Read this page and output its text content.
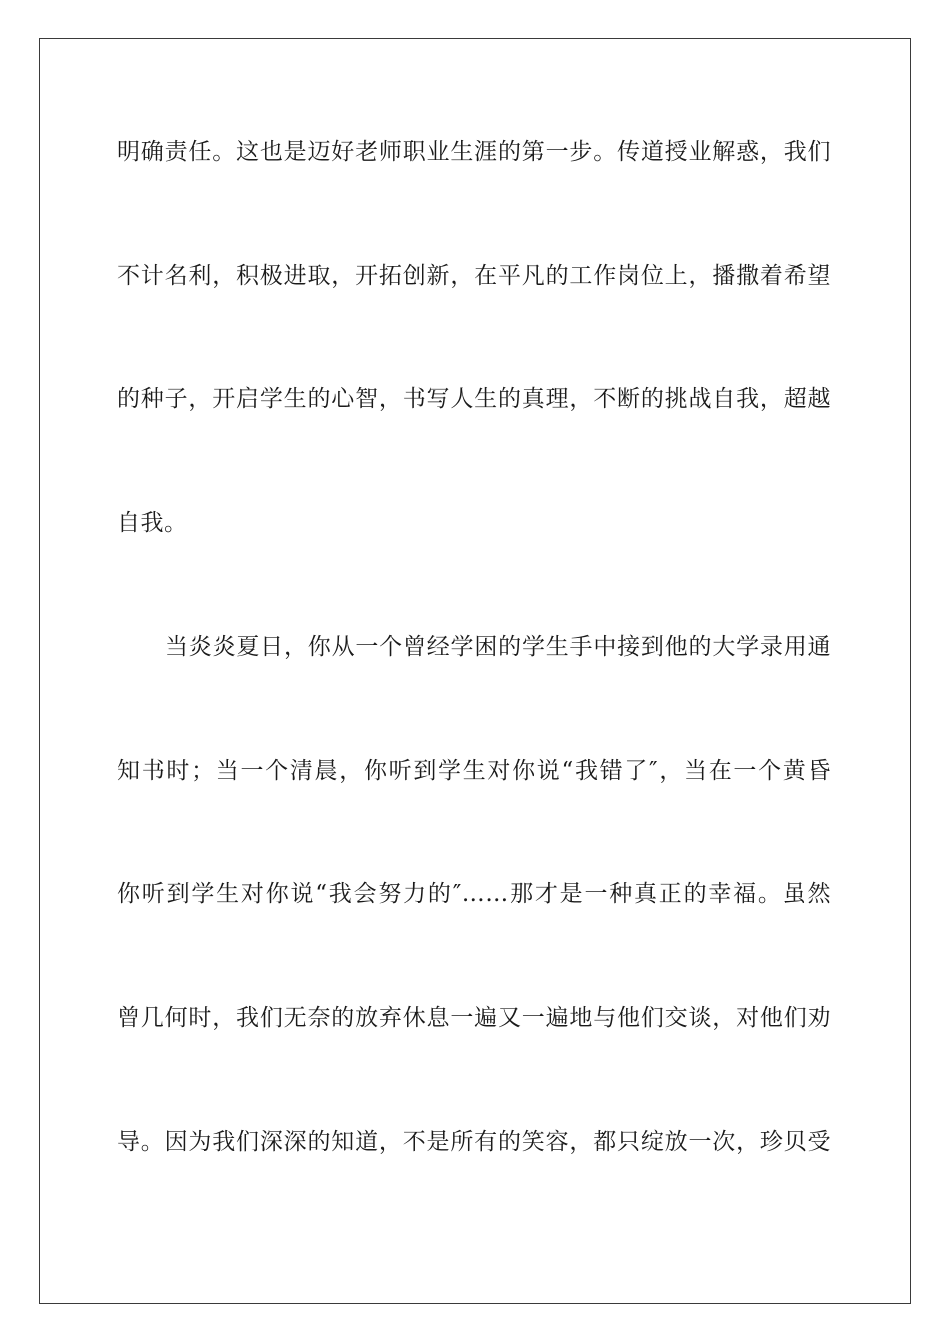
明确责任。这也是迈好老师职业生涯的第一步。传道授业解惑，我们
不计名利，积极进取，开拓创新，在平凡的工作岗位上，播撒着希望
的种子，开启学生的心智，书写人生的真理，不断的挑战自我，超越
自我。
当炎炎夏日，你从一个曾经学困的学生手中接到他的大学录用通
知书时；当一个清晨，你听到学生对你说“我错了″，当在一个黄昏
你听到学生对你说“我会努力的″……那才是一种真正的幸福。虽然
曾几何时，我们无奈的放弃休息一遍又一遍地与他们交谈，对他们劝
导。因为我们深深的知道，不是所有的笑容，都只绽放一次，珍贝受
